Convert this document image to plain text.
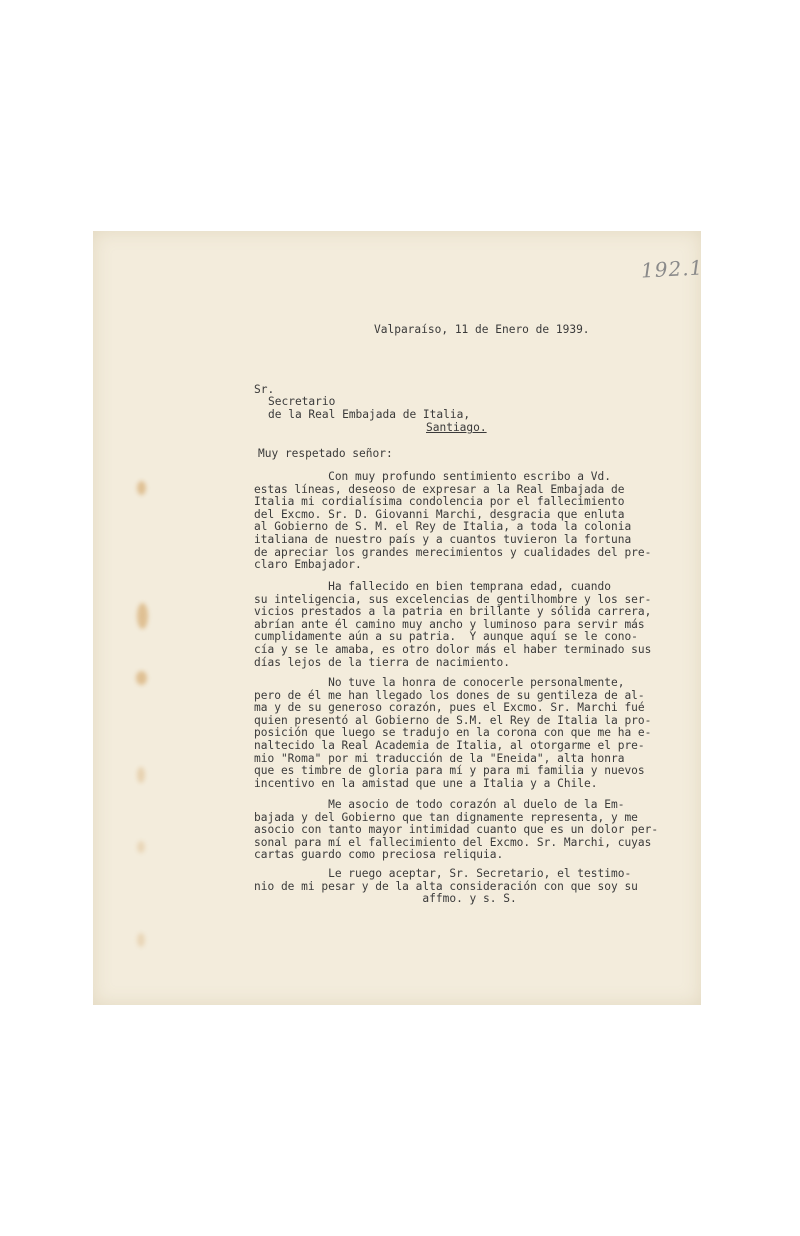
192.1
Valparaíso, 11 de Enero de 1939.
Sr.
Secretario
de la Real Embajada de Italia,
Santiago.
Muy respetado señor:
Con muy profundo sentimiento escribo a Vd.
estas líneas, deseoso de expresar a la Real Embajada de
Italia mi cordialísima condolencia por el fallecimiento
del Excmo. Sr. D. Giovanni Marchi, desgracia que enluta
al Gobierno de S. M. el Rey de Italia, a toda la colonia
italiana de nuestro país y a cuantos tuvieron la fortuna
de apreciar los grandes merecimientos y cualidades del pre-
claro Embajador.
Ha fallecido en bien temprana edad, cuando
su inteligencia, sus excelencias de gentilhombre y los ser-
vicios prestados a la patria en brillante y sólida carrera,
abrían ante él camino muy ancho y luminoso para servir más
cumplidamente aún a su patria.  Y aunque aquí se le cono-
cía y se le amaba, es otro dolor más el haber terminado sus
días lejos de la tierra de nacimiento.
No tuve la honra de conocerle personalmente,
pero de él me han llegado los dones de su gentileza de al-
ma y de su generoso corazón, pues el Excmo. Sr. Marchi fué
quien presentó al Gobierno de S.M. el Rey de Italia la pro-
posición que luego se tradujo en la corona con que me ha e-
naltecido la Real Academia de Italia, al otorgarme el pre-
mio "Roma" por mi traducción de la "Eneida", alta honra
que es timbre de gloria para mí y para mi familia y nuevos
incentivo en la amistad que une a Italia y a Chile.
Me asocio de todo corazón al duelo de la Em-
bajada y del Gobierno que tan dignamente representa, y me
asocio con tanto mayor intimidad cuanto que es un dolor per-
sonal para mí el fallecimiento del Excmo. Sr. Marchi, cuyas
cartas guardo como preciosa reliquia.
Le ruego aceptar, Sr. Secretario, el testimo-
nio de mi pesar y de la alta consideración con que soy su
affmo. y s. S.
